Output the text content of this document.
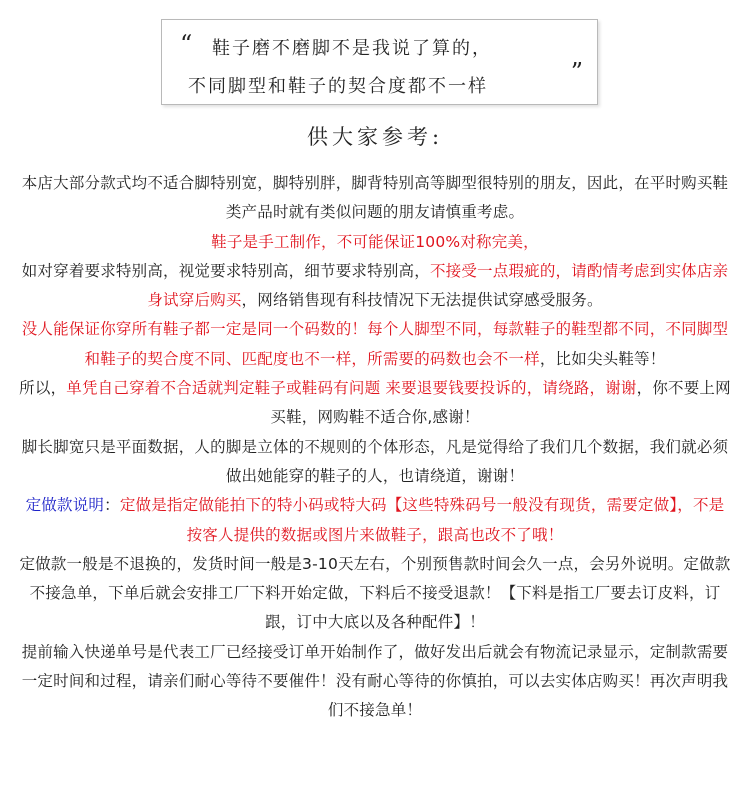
“ 鞋子磨不磨脚不是我说了算的，
不同脚型和鞋子的契合度都不一样
”
供大家参考:

本店大部分款式均不适合脚特别宽，脚特别胖，脚背特别高等脚型很特别的朋友，因此，在平时购买鞋类产品时就有类似问题的朋友请慎重考虑。

鞋子是手工制作，不可能保证100%对称完美，

如对穿着要求特别高，视觉要求特别高，细节要求特别高，不接受一点瑕疵的，请酌情考虑到实体店亲身试穿后购买，网络销售现有科技情况下无法提供试穿感受服务。

没人能保证你穿所有鞋子都一定是同一个码数的！每个人脚型不同，每款鞋子的鞋型都不同，不同脚型和鞋子的契合度不同、匹配度也不一样，所需要的码数也会不一样，比如尖头鞋等！

所以，单凭自己穿着不合适就判定鞋子或鞋码有问题 来要退要钱要投诉的，请绕路，谢谢，你不要上网买鞋，网购鞋不适合你,感谢！

脚长脚宽只是平面数据，人的脚是立体的不规则的个体形态，凡是觉得给了我们几个数据，我们就必须做出她能穿的鞋子的人，也请绕道，谢谢！

定做款说明：定做是指定做能拍下的特小码或特大码【这些特殊码号一般没有现货，需要定做】，不是按客人提供的数据或图片来做鞋子，跟高也改不了哦！

定做款一般是不退换的，发货时间一般是3-10天左右，个别预售款时间会久一点，会另外说明。定做款不接急单，下单后就会安排工厂下料开始定做，下料后不接受退款！【下料是指工厂要去订皮料，订跟，订中大底以及各种配件】！

提前输入快递单号是代表工厂已经接受订单开始制作了，做好发出后就会有物流记录显示，定制款需要一定时间和过程，请亲们耐心等待不要催件！没有耐心等待的你慎拍，可以去实体店购买！再次声明我们不接急单！
